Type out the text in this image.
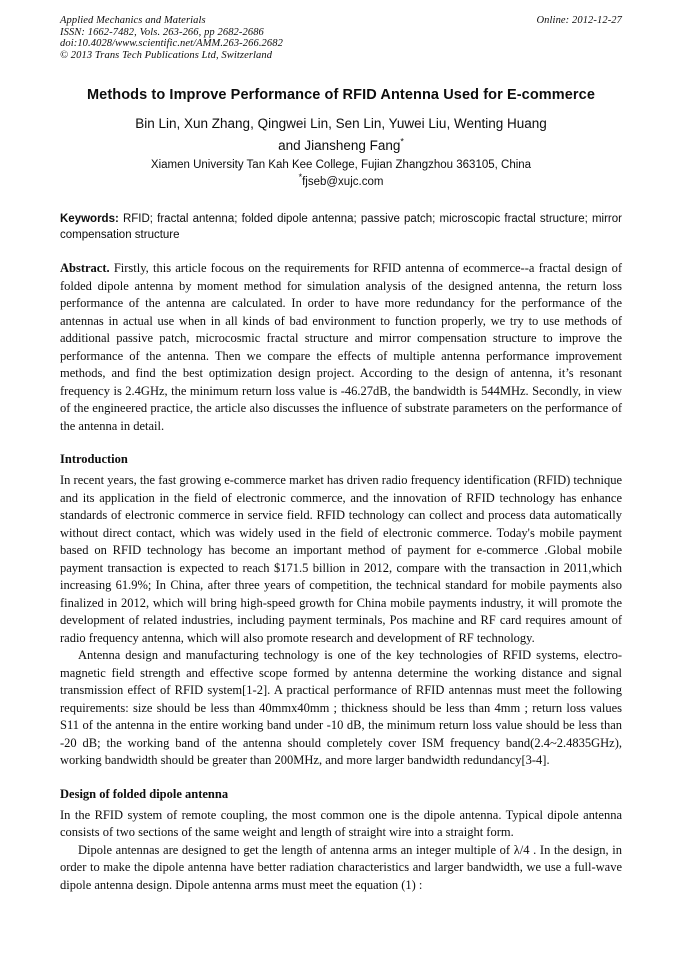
Applied Mechanics and Materials
ISSN: 1662-7482, Vols. 263-266, pp 2682-2686
doi:10.4028/www.scientific.net/AMM.263-266.2682
© 2013 Trans Tech Publications Ltd, Switzerland
Online: 2012-12-27
Methods to Improve Performance of RFID Antenna Used for E-commerce
Bin Lin, Xun Zhang, Qingwei Lin, Sen Lin, Yuwei Liu, Wenting Huang
and Jiansheng Fang*
Xiamen University Tan Kah Kee College, Fujian Zhangzhou 363105, China
*fjseb@xujc.com

Keywords: RFID; fractal antenna; folded dipole antenna; passive patch; microscopic fractal structure; mirror compensation structure

Abstract. Firstly, this article focous on the requirements for RFID antenna of ecommerce--a fractal design of folded dipole antenna by moment method for simulation analysis of the designed antenna, the return loss performance of the antenna are calculated. In order to have more redundancy for the performance of the antennas in actual use when in all kinds of bad environment to function properly, we try to use methods of additional passive patch, microcosmic fractal structure and mirror compensation structure to improve the performance of the antenna. Then we compare the effects of multiple antenna performance improvement methods, and find the best optimization design project. According to the design of antenna, it’s resonant frequency is 2.4GHz, the minimum return loss value is -46.27dB, the bandwidth is 544MHz. Secondly, in view of the engineered practice, the article also discusses the influence of substrate parameters on the performance of the antenna in detail.

Introduction

In recent years, the fast growing e-commerce market has driven radio frequency identification (RFID) technique and its application in the field of electronic commerce, and the innovation of RFID technology has enhance standards of electronic commerce in service field. RFID technology can collect and process data automatically without direct contact, which was widely used in the field of electronic commerce. Today's mobile payment based on RFID technology has become an important method of payment for e-commerce .Global mobile payment transaction is expected to reach $171.5 billion in 2012, compare with the transaction in 2011,which increasing 61.9%; In China, after three years of competition, the technical standard for mobile payments also finalized in 2012, which will bring high-speed growth for China mobile payments industry, it will promote the development of related industries, including payment terminals, Pos machine and RF card requires amount of radio frequency antenna, which will also promote research and development of RF technology.

Antenna design and manufacturing technology is one of the key technologies of RFID systems, electro-magnetic field strength and effective scope formed by antenna determine the working distance and signal transmission effect of RFID system[1-2]. A practical performance of RFID antennas must meet the following requirements: size should be less than 40mmx40mm ; thickness should be less than 4mm ; return loss values S11 of the antenna in the entire working band under -10 dB, the minimum return loss value should be less than -20 dB; the working band of the antenna should completely cover ISM frequency band(2.4~2.4835GHz), working bandwidth should be greater than 200MHz, and more larger bandwidth redundancy[3-4].

Design of folded dipole antenna

In the RFID system of remote coupling, the most common one is the dipole antenna. Typical dipole antenna consists of two sections of the same weight and length of straight wire into a straight form.

Dipole antennas are designed to get the length of antenna arms an integer multiple of λ/4 . In the design, in order to make the dipole antenna have better radiation characteristics and larger bandwidth, we use a full-wave dipole antenna design. Dipole antenna arms must meet the equation (1) :
